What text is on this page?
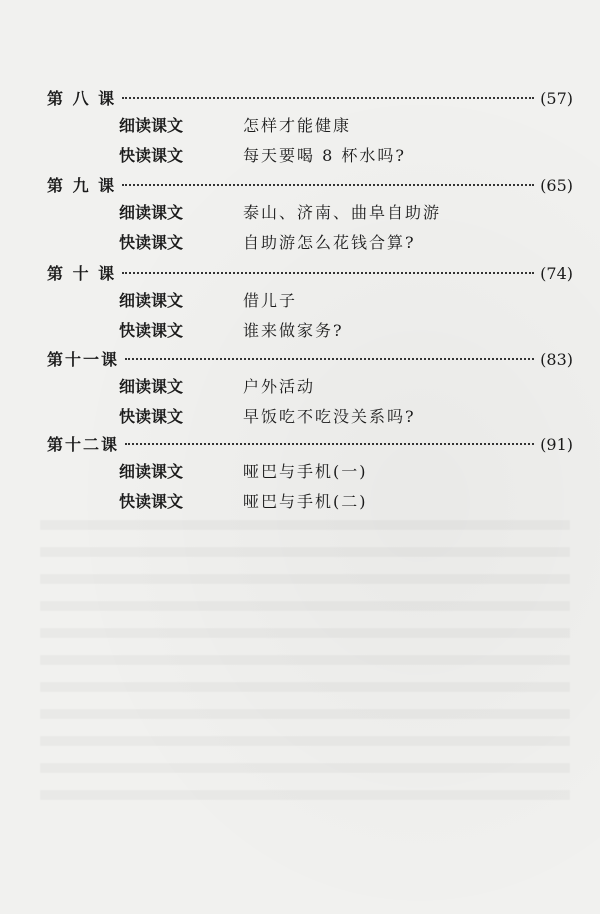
第 八 课	(57)
细读课文	怎样才能健康
快读课文	每天要喝 8 杯水吗?
第 九 课	(65)
细读课文	泰山、济南、曲阜自助游
快读课文	自助游怎么花钱合算?
第 十 课	(74)
细读课文	借儿子
快读课文	谁来做家务?
第十一课	(83)
细读课文	户外活动
快读课文	早饭吃不吃没关系吗?
第十二课	(91)
细读课文	哑巴与手机(一)
快读课文	哑巴与手机(二)
